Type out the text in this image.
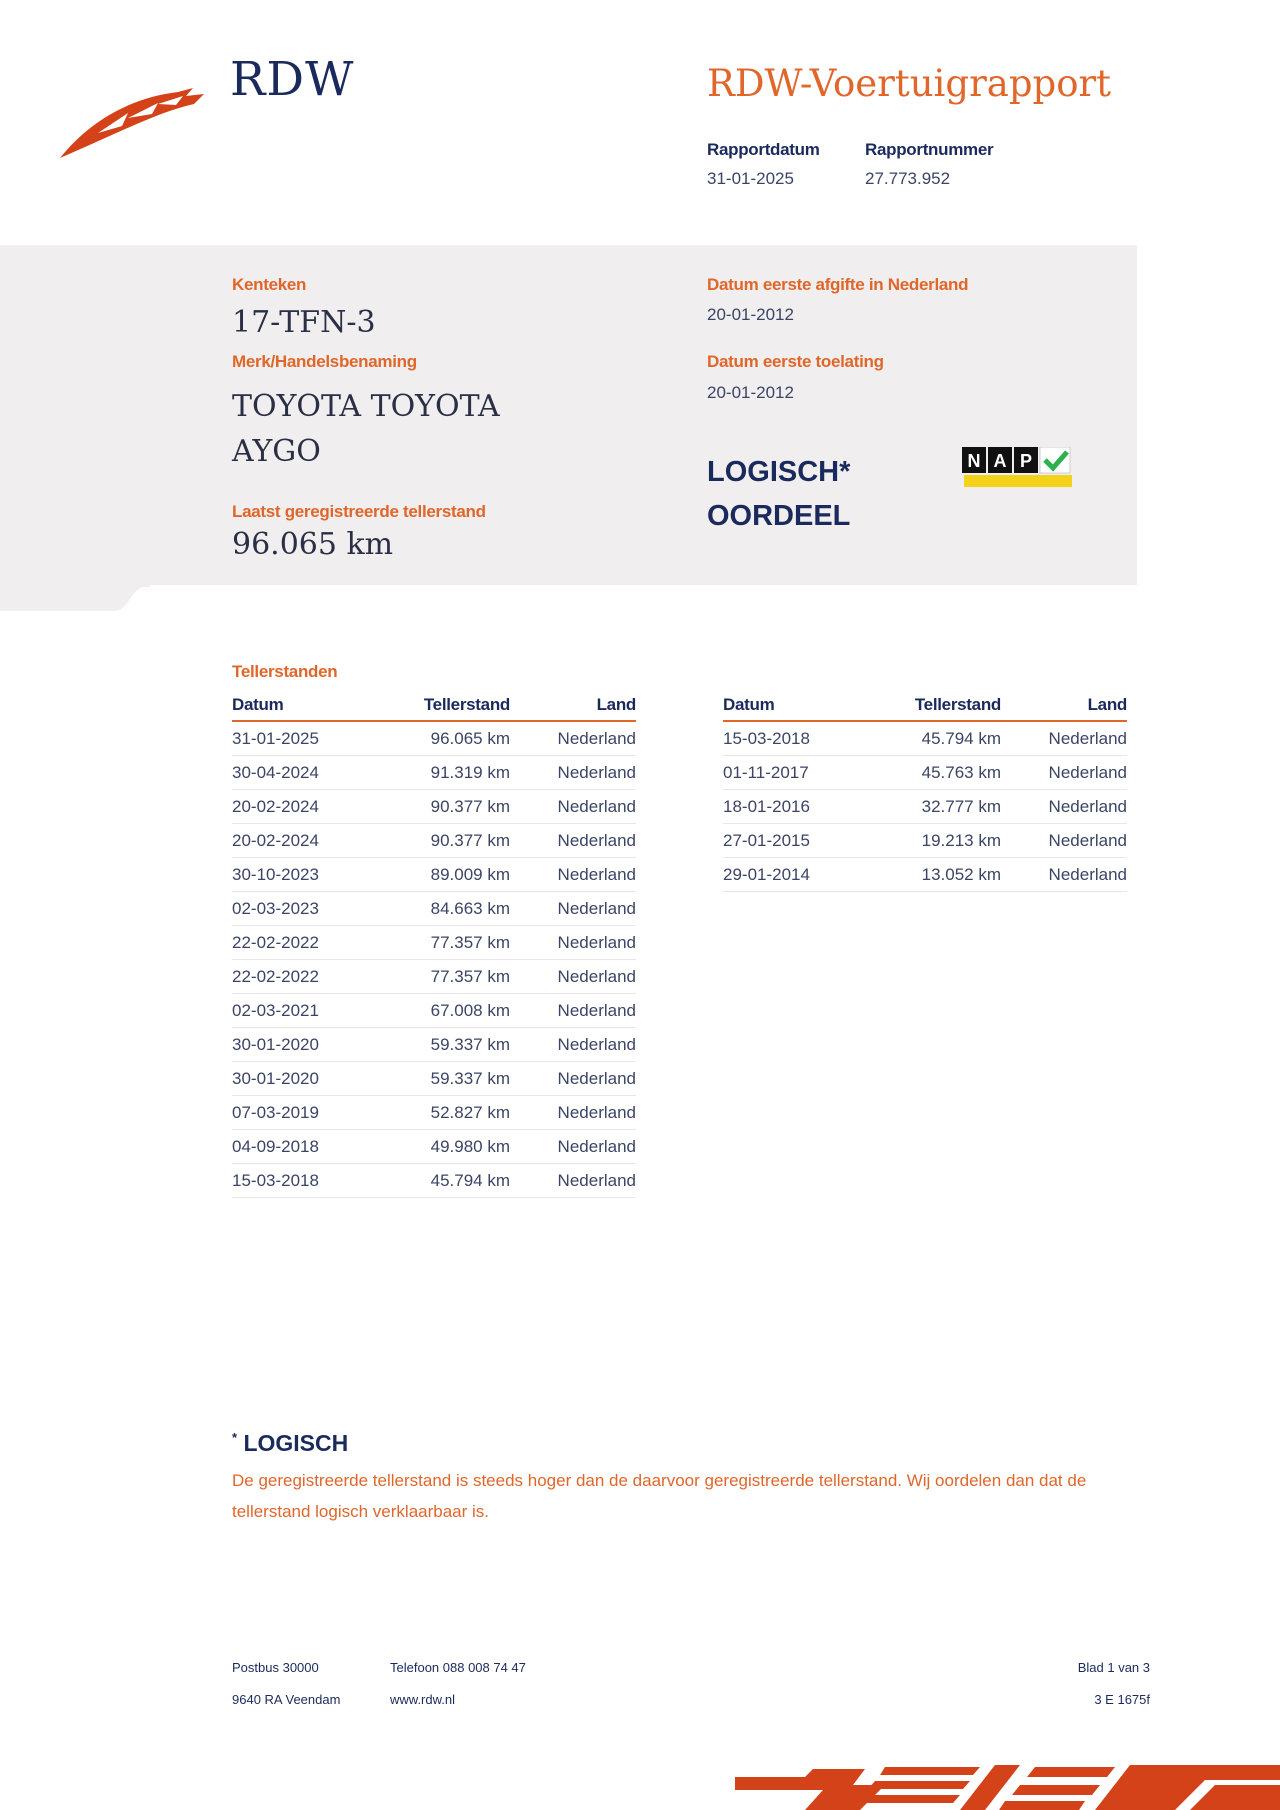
RDW	RDW-Voertuigrapport
Rapportdatum
31-01-2025
Rapportnummer
27.773.952
Kenteken
17-TFN-3
Merk/Handelsbenaming
TOYOTA TOYOTA AYGO
Laatst geregistreerde tellerstand
96.065 km
Datum eerste afgifte in Nederland
20-01-2012
Datum eerste toelating
20-01-2012
LOGISCH*
OORDEEL
N A P
Tellerstanden
Datum	Tellerstand	Land
31-01-2025	96.065 km	Nederland
30-04-2024	91.319 km	Nederland
20-02-2024	90.377 km	Nederland
20-02-2024	90.377 km	Nederland
30-10-2023	89.009 km	Nederland
02-03-2023	84.663 km	Nederland
22-02-2022	77.357 km	Nederland
22-02-2022	77.357 km	Nederland
02-03-2021	67.008 km	Nederland
30-01-2020	59.337 km	Nederland
30-01-2020	59.337 km	Nederland
07-03-2019	52.827 km	Nederland
04-09-2018	49.980 km	Nederland
15-03-2018	45.794 km	Nederland
Datum	Tellerstand	Land
15-03-2018	45.794 km	Nederland
01-11-2017	45.763 km	Nederland
18-01-2016	32.777 km	Nederland
27-01-2015	19.213 km	Nederland
29-01-2014	13.052 km	Nederland
* LOGISCH
De geregistreerde tellerstand is steeds hoger dan de daarvoor geregistreerde tellerstand. Wij oordelen dan dat de tellerstand logisch verklaarbaar is.
Postbus 30000
9640 RA Veendam
Telefoon 088 008 74 47
www.rdw.nl
Blad 1 van 3
3 E 1675f
